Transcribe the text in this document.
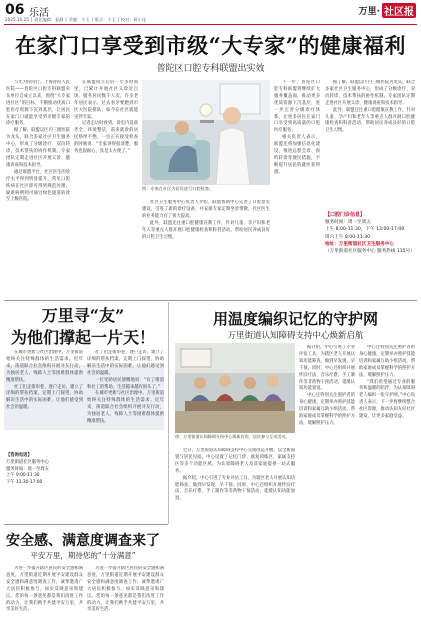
06 乐活
2025.10.15 │ 责任编辑：夏静 │ 美编：小玉 │ 版式：小玉 │ 校对：蒋小佳
万里· 社区报
在家门口享受到市级“大专家”的健康福利
普陀区口腔专科联盟出实效

与光为你同行。上海普陀人民医院——普陀区口腔专科联盟牵头单位自成立以来，围绕“大专家进社区”的目标，不断推动优质口腔医疗资源下沉到基层，让居民在家门口就能享受到市级专家的诊疗服务。

据了解，联盟以区内三级医院为龙头，联合多家社区卫生服务中心，形成了分级诊疗、双向转诊、技术帮扶的协作机制。专家团队定期走进社区开展义诊、健康讲座和技术指导。

通过联盟平台，社区医生的诊疗水平得到明显提升，常见口腔疾病在社区即可得到规范处理，疑难病例则可通过绿色通道转诊至上级医院。

在联盟成立后的一年多时间里，已累计开展社区义诊近百场，服务居民数千人次。许多老年居民表示，过去看牙要跑到市区大医院排队，如今在社区就能见到专家。

记者走访时看到，诊室内设备齐全、环境整洁，前来就诊的居民络绎不绝。一位正在接受检查的阿姨说：“专家讲得很清楚，服务也很耐心，真是太方便了。”

图：专家在社区为居民进行口腔检查。

社区卫生服务中心负责人介绍，联盟帮助中心完善了口腔诊室建设，引进了新的诊疗设备，并安排专家定期坐诊带教，社区医生的业务能力有了很大提高。

此外，联盟还注重口腔健康宣教工作，针对儿童、孕产妇和老年人等重点人群开展口腔健康检查和科普活动，帮助居民养成良好的口腔卫生习惯。

下一步，普陀区口腔专科联盟将继续扩大服务覆盖面，推动更多优质资源下沉基层，进一步完善分级诊疗体系，让更多居民在家门口享受到高质量的口腔医疗服务。

相关负责人表示，联盟还将加强信息化建设，推进远程会诊、预约转诊等便民措施，不断提升居民的就医获得感。

据了解，联盟以区内三级医院为龙头，联合多家社区卫生服务中心，形成了分级诊疗、双向转诊、技术帮扶的协作机制。专家团队定期走进社区开展义诊、健康讲座和技术指导。

此外，联盟还注重口腔健康宣教工作，针对儿童、孕产妇和老年人等重点人群开展口腔健康检查和科普活动，帮助居民养成良好的口腔卫生习惯。

【口腔门诊信息】
服务时间：周一至周五
上午 8:00-11:30，下午 13:00-17:00
周六上午 8:00-11:30
地址：万里街道社区卫生服务中心
（万里街道社区服务中心 服务热线 115号）
万里寻“友”
为他们撑起一片天！

在城市更新与社区治理中，万里街道始终关注特殊群体的生活需求。近年来，街道联合社会组织开展寻友行动，为独居老人、残障人士等困难群体提供精准帮扶。

社工们走街串巷、逐户走访，建立了详细的帮扶档案，定期上门探望，协助解决生活中的实际困难，让他们感受到社会的温暖。

社工们走街串巷、逐户走访，建立了详细的帮扶档案，定期上门探望，协助解决生活中的实际困难，让他们感受到社会的温暖。

一位受助居民感慨地说：“有了街道和社工的帮助，生活越来越有盼头了。”

在城市更新与社区治理中，万里街道始终关注特殊群体的生活需求。近年来，街道联合社会组织开展寻友行动，为独居老人、残障人士等困难群体提供精准帮扶。

【咨询电话】
万里街道社区服务中心
服务时间：周一至周五
上午 9:00-11:30
下午 13:30-17:00
用温度编织记忆的守护网
万里街道认知障碍支持中心焕新启航
图：万里街道认知障碍支持中心焕新启用，居民参与互动活动。

近日，万里街道认知障碍支持中心完成改造升级，以全新面貌与居民见面。中心设置了记忆门诊、康复训练区、家属支持区等多个功能区域，为认知障碍老人及其家庭提供一站式服务。

据介绍，中心引进了专业评估工具，为辖区老人开展认知功能筛查，做到早发现、早干预。同时，中心还组织开展怀旧疗法、音乐疗愈、手工制作等非药物干预活动，延缓认知功能衰退。

据介绍，中心引进了专业评估工具，为辖区老人开展认知功能筛查，做到早发现、早干预。同时，中心还组织开展怀旧疗法、音乐疗愈、手工制作等非药物干预活动，延缓认知功能衰退。

中心还特别关注照护者的身心健康，定期举办照护技能培训和家属互助小组活动，帮助家庭成员掌握科学的照护方法，缓解照护压力。

中心还特别关注照护者的身心健康，定期举办照护技能培训和家属互助小组活动，帮助家庭成员掌握科学的照护方法，缓解照护压力。

“我们希望通过专业的服务和温暖的陪伴，为认知障碍老人编织一张守护网。”中心负责人表示，下一步将继续整合社区资源，推动认知友好社区建设，让更多家庭受益。

安全感、满意度调查来了
平安万里，期待您的“十分满意”

为进一步提升辖区居民的安全感和满意度，万里街道近期开展平安建设群众安全感和满意度调查工作，诚挚邀请广大居民积极参与，如实反映意见和建议。您的每一条意见都是我们改进工作的动力。让我们携手共建平安万里，共享美好生活。

为进一步提升辖区居民的安全感和满意度，万里街道近期开展平安建设群众安全感和满意度调查工作，诚挚邀请广大居民积极参与，如实反映意见和建议。您的每一条意见都是我们改进工作的动力。让我们携手共建平安万里，共享美好生活。
